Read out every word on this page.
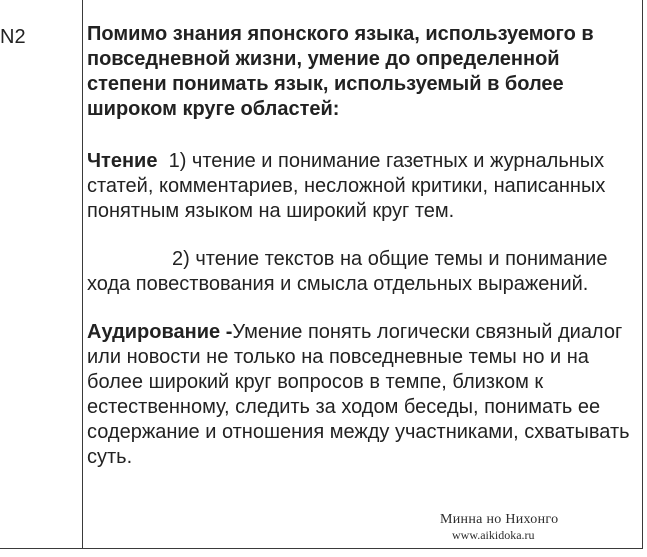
N2	Помимо знания японского языка, используемого в повседневной жизни, умение до определенной степени понимать язык, используемый в более широком круге областей:

Чтение 1) чтение и понимание газетных и журнальных статей, комментариев, несложной критики, написанных понятным языком на широкий круг тем.

2) чтение текстов на общие темы и понимание хода повествования и смысла отдельных выражений.

Аудирование -Умение понять логически связный диалог или новости не только на повседневные темы но и на более широкий круг вопросов в темпе, близком к естественному, следить за ходом беседы, понимать ее содержание и отношения между участниками, схватывать суть.

Минна но Нихонго
www.aikidoka.ru
